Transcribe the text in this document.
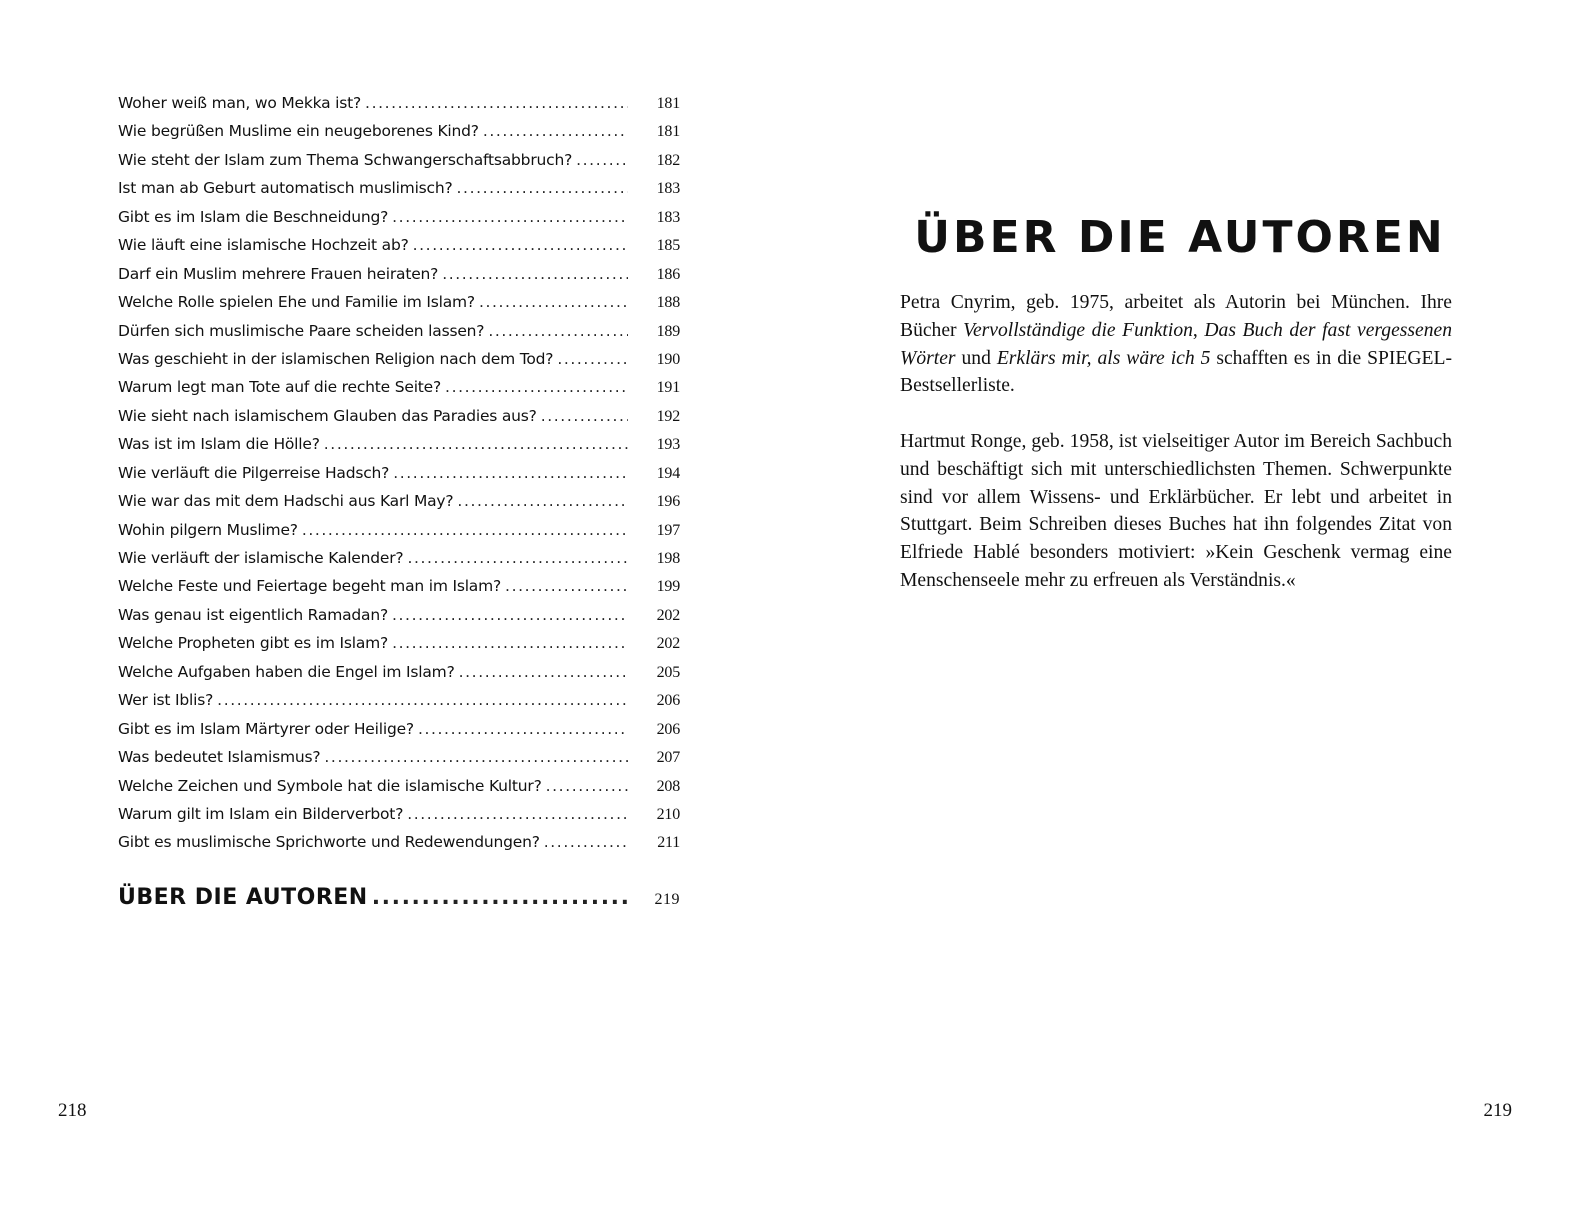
Woher weiß man, wo Mekka ist? .....	181
Wie begrüßen Muslime ein neugeborenes Kind? .....	181
Wie steht der Islam zum Thema Schwangerschaftsabbruch? .....	182
Ist man ab Geburt automatisch muslimisch? .....	183
Gibt es im Islam die Beschneidung? .....	183
Wie läuft eine islamische Hochzeit ab? .....	185
Darf ein Muslim mehrere Frauen heiraten? .....	186
Welche Rolle spielen Ehe und Familie im Islam? .....	188
Dürfen sich muslimische Paare scheiden lassen? .....	189
Was geschieht in der islamischen Religion nach dem Tod? .....	190
Warum legt man Tote auf die rechte Seite? .....	191
Wie sieht nach islamischem Glauben das Paradies aus? .....	192
Was ist im Islam die Hölle? .....	193
Wie verläuft die Pilgerreise Hadsch? .....	194
Wie war das mit dem Hadschi aus Karl May? .....	196
Wohin pilgern Muslime? .....	197
Wie verläuft der islamische Kalender? .....	198
Welche Feste und Feiertage begeht man im Islam? .....	199
Was genau ist eigentlich Ramadan? .....	202
Welche Propheten gibt es im Islam? .....	202
Welche Aufgaben haben die Engel im Islam? .....	205
Wer ist Iblis? .....	206
Gibt es im Islam Märtyrer oder Heilige? .....	206
Was bedeutet Islamismus? .....	207
Welche Zeichen und Symbole hat die islamische Kultur? .....	208
Warum gilt im Islam ein Bilderverbot? .....	210
Gibt es muslimische Sprichworte und Redewendungen? .....	211
ÜBER DIE AUTOREN .....	219
218
ÜBER DIE AUTOREN

Petra Cnyrim, geb. 1975, arbeitet als Autorin bei München. Ihre Bücher Vervollständige die Funktion, Das Buch der fast vergessenen Wörter und Erklärs mir, als wäre ich 5 schafften es in die SPIEGEL-Bestsellerliste.

Hartmut Ronge, geb. 1958, ist vielseitiger Autor im Bereich Sachbuch und beschäftigt sich mit unterschiedlichsten Themen. Schwerpunkte sind vor allem Wissens- und Erklärbücher. Er lebt und arbeitet in Stuttgart. Beim Schreiben dieses Buches hat ihn folgendes Zitat von Elfriede Hablé besonders motiviert: »Kein Geschenk vermag eine Menschenseele mehr zu erfreuen als Verständnis.«

219
